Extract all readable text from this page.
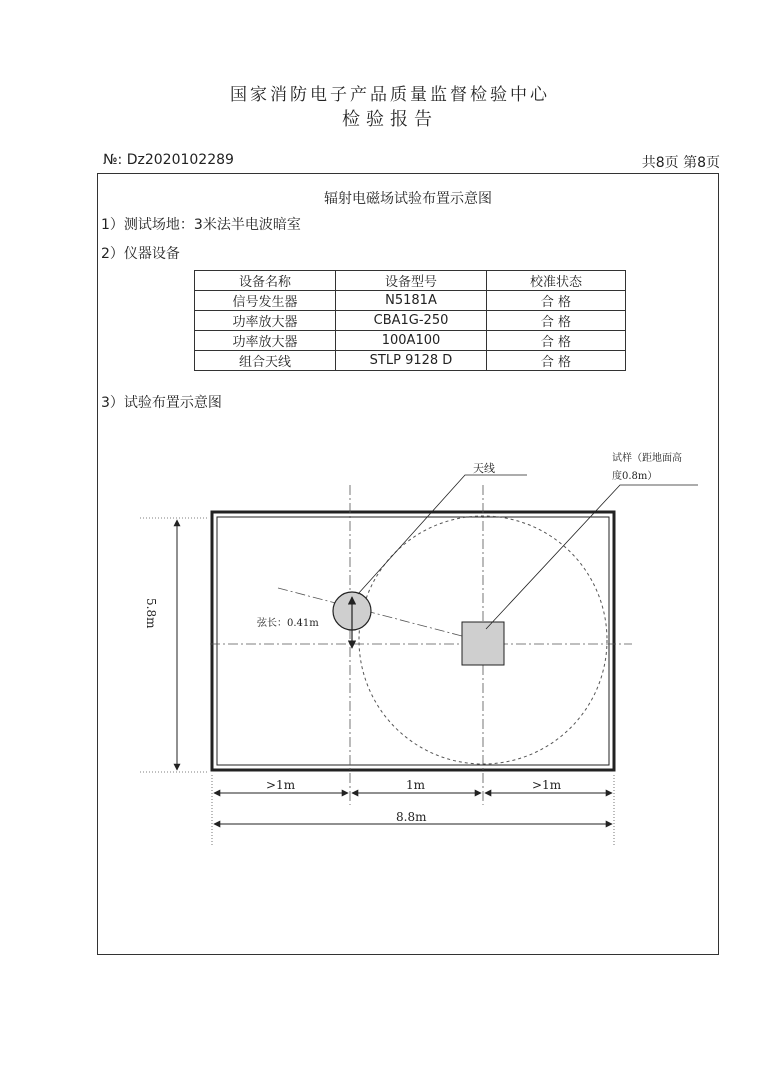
国家消防电子产品质量监督检验中心
检验报告
№: Dz2020102289	共8页 第8页
辐射电磁场试验布置示意图
1）测试场地：3米法半电波暗室
2）仪器设备
设备名称	设备型号	校准状态
信号发生器	N5181A	合 格
功率放大器	CBA1G-250	合 格
功率放大器	100A100	合 格
组合天线	STLP 9128 D	合 格
3）试验布置示意图
弦长：0.41m
天线
试样（距地面高
度0.8m）
5.8m
>1m	1m	>1m
8.8m
